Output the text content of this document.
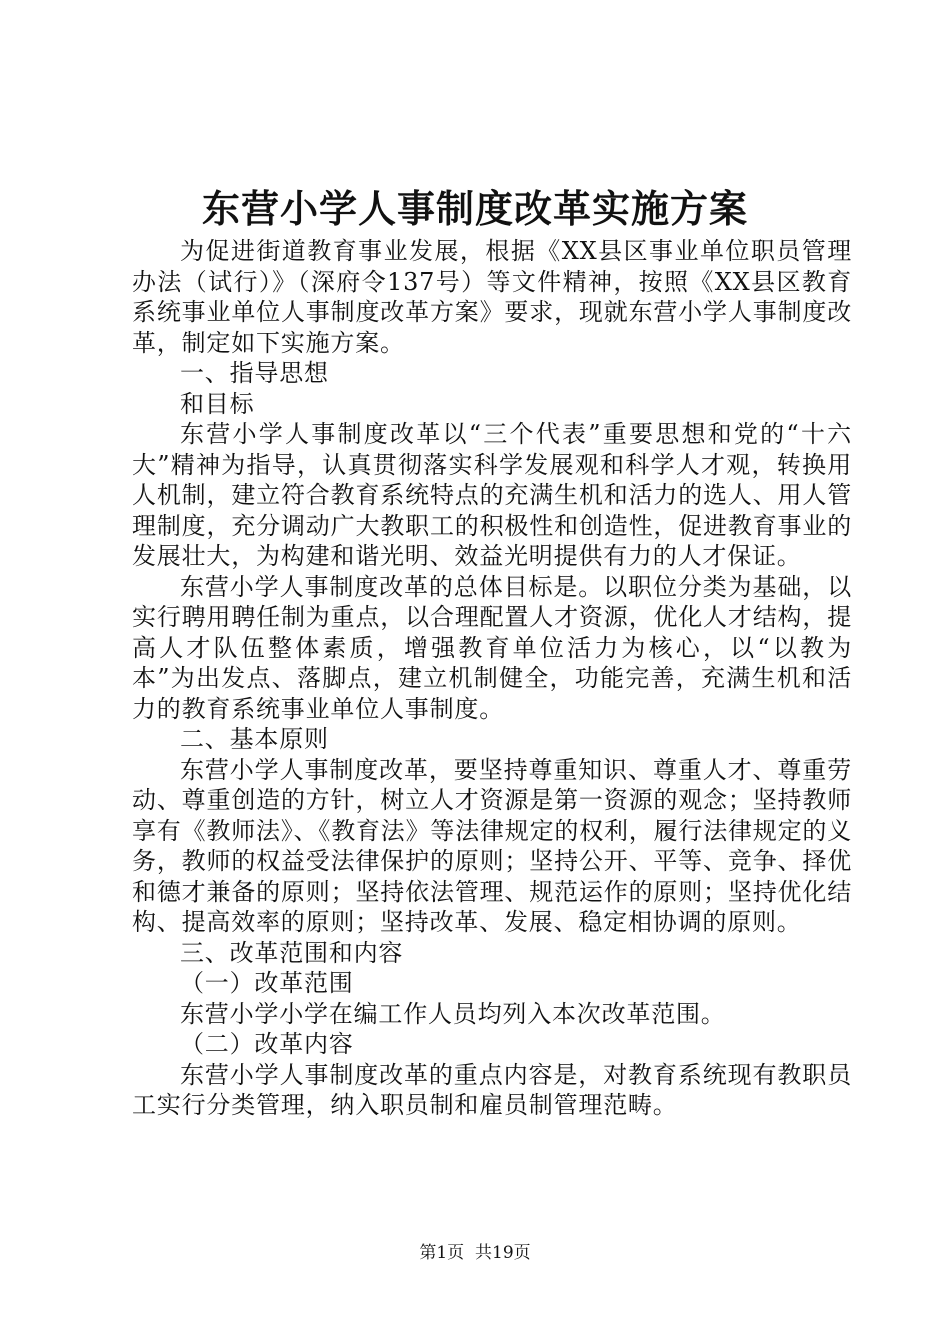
东营小学人事制度改革实施方案

为促进街道教育事业发展，根据《XX县区事业单位职员管理办法（试行）》（深府令137号）等文件精神，按照《XX县区教育系统事业单位人事制度改革方案》要求，现就东营小学人事制度改革，制定如下实施方案。

一、指导思想

和目标

东营小学人事制度改革以“三个代表”重要思想和党的“十六大”精神为指导，认真贯彻落实科学发展观和科学人才观，转换用人机制，建立符合教育系统特点的充满生机和活力的选人、用人管理制度，充分调动广大教职工的积极性和创造性，促进教育事业的发展壮大，为构建和谐光明、效益光明提供有力的人才保证。

东营小学人事制度改革的总体目标是。以职位分类为基础，以实行聘用聘任制为重点，以合理配置人才资源，优化人才结构，提高人才队伍整体素质，增强教育单位活力为核心，以“以教为本”为出发点、落脚点，建立机制健全，功能完善，充满生机和活力的教育系统事业单位人事制度。

二、基本原则

东营小学人事制度改革，要坚持尊重知识、尊重人才、尊重劳动、尊重创造的方针，树立人才资源是第一资源的观念；坚持教师享有《教师法》、《教育法》等法律规定的权利，履行法律规定的义务，教师的权益受法律保护的原则；坚持公开、平等、竞争、择优和德才兼备的原则；坚持依法管理、规范运作的原则；坚持优化结构、提高效率的原则；坚持改革、发展、稳定相协调的原则。

三、改革范围和内容

（一）改革范围

东营小学小学在编工作人员均列入本次改革范围。

（二）改革内容

东营小学人事制度改革的重点内容是，对教育系统现有教职员工实行分类管理，纳入职员制和雇员制管理范畴。

第1页 共19页
